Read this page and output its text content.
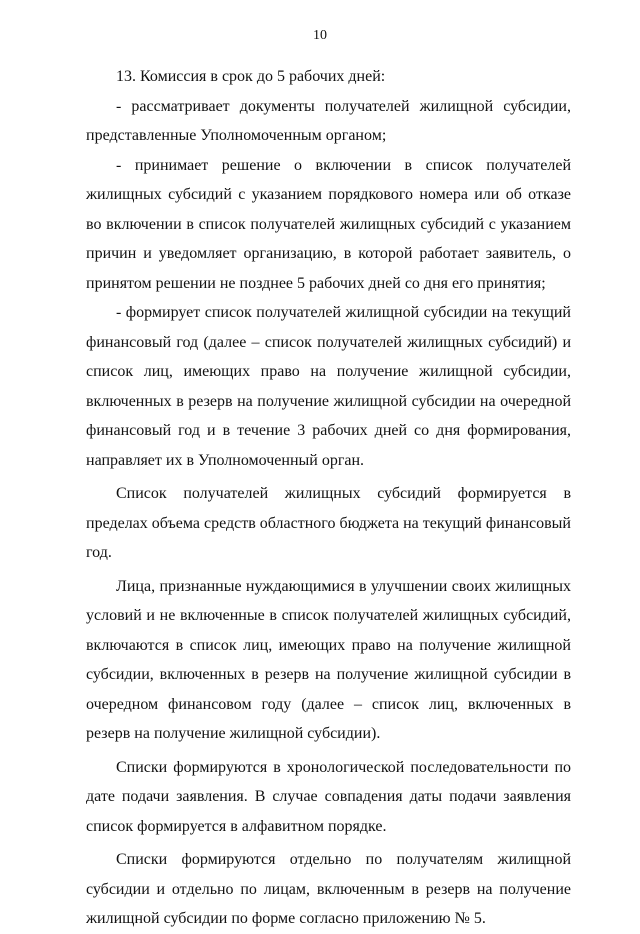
10

13. Комиссия в срок до 5 рабочих дней:

- рассматривает документы получателей жилищной субсидии, представленные Уполномоченным органом;

- принимает решение о включении в список получателей жилищных субсидий с указанием порядкового номера или об отказе во включении в список получателей жилищных субсидий с указанием причин и уведомляет организацию, в которой работает заявитель, о принятом решении не позднее 5 рабочих дней со дня его принятия;

- формирует список получателей жилищной субсидии на текущий финансовый год (далее – список получателей жилищных субсидий) и список лиц, имеющих право на получение жилищной субсидии, включенных в резерв на получение жилищной субсидии на очередной финансовый год и в течение 3 рабочих дней со дня формирования, направляет их в Уполномоченный орган.

Список получателей жилищных субсидий формируется в пределах объема средств областного бюджета на текущий финансовый год.

Лица, признанные нуждающимися в улучшении своих жилищных условий и не включенные в список получателей жилищных субсидий, включаются в список лиц, имеющих право на получение жилищной субсидии, включенных в резерв на получение жилищной субсидии в очередном финансовом году (далее – список лиц, включенных в резерв на получение жилищной субсидии).

Списки формируются в хронологической последовательности по дате подачи заявления. В случае совпадения даты подачи заявления список формируется в алфавитном порядке.

Списки формируются отдельно по получателям жилищной субсидии и отдельно по лицам, включенным в резерв на получение жилищной субсидии по форме согласно приложению № 5.
